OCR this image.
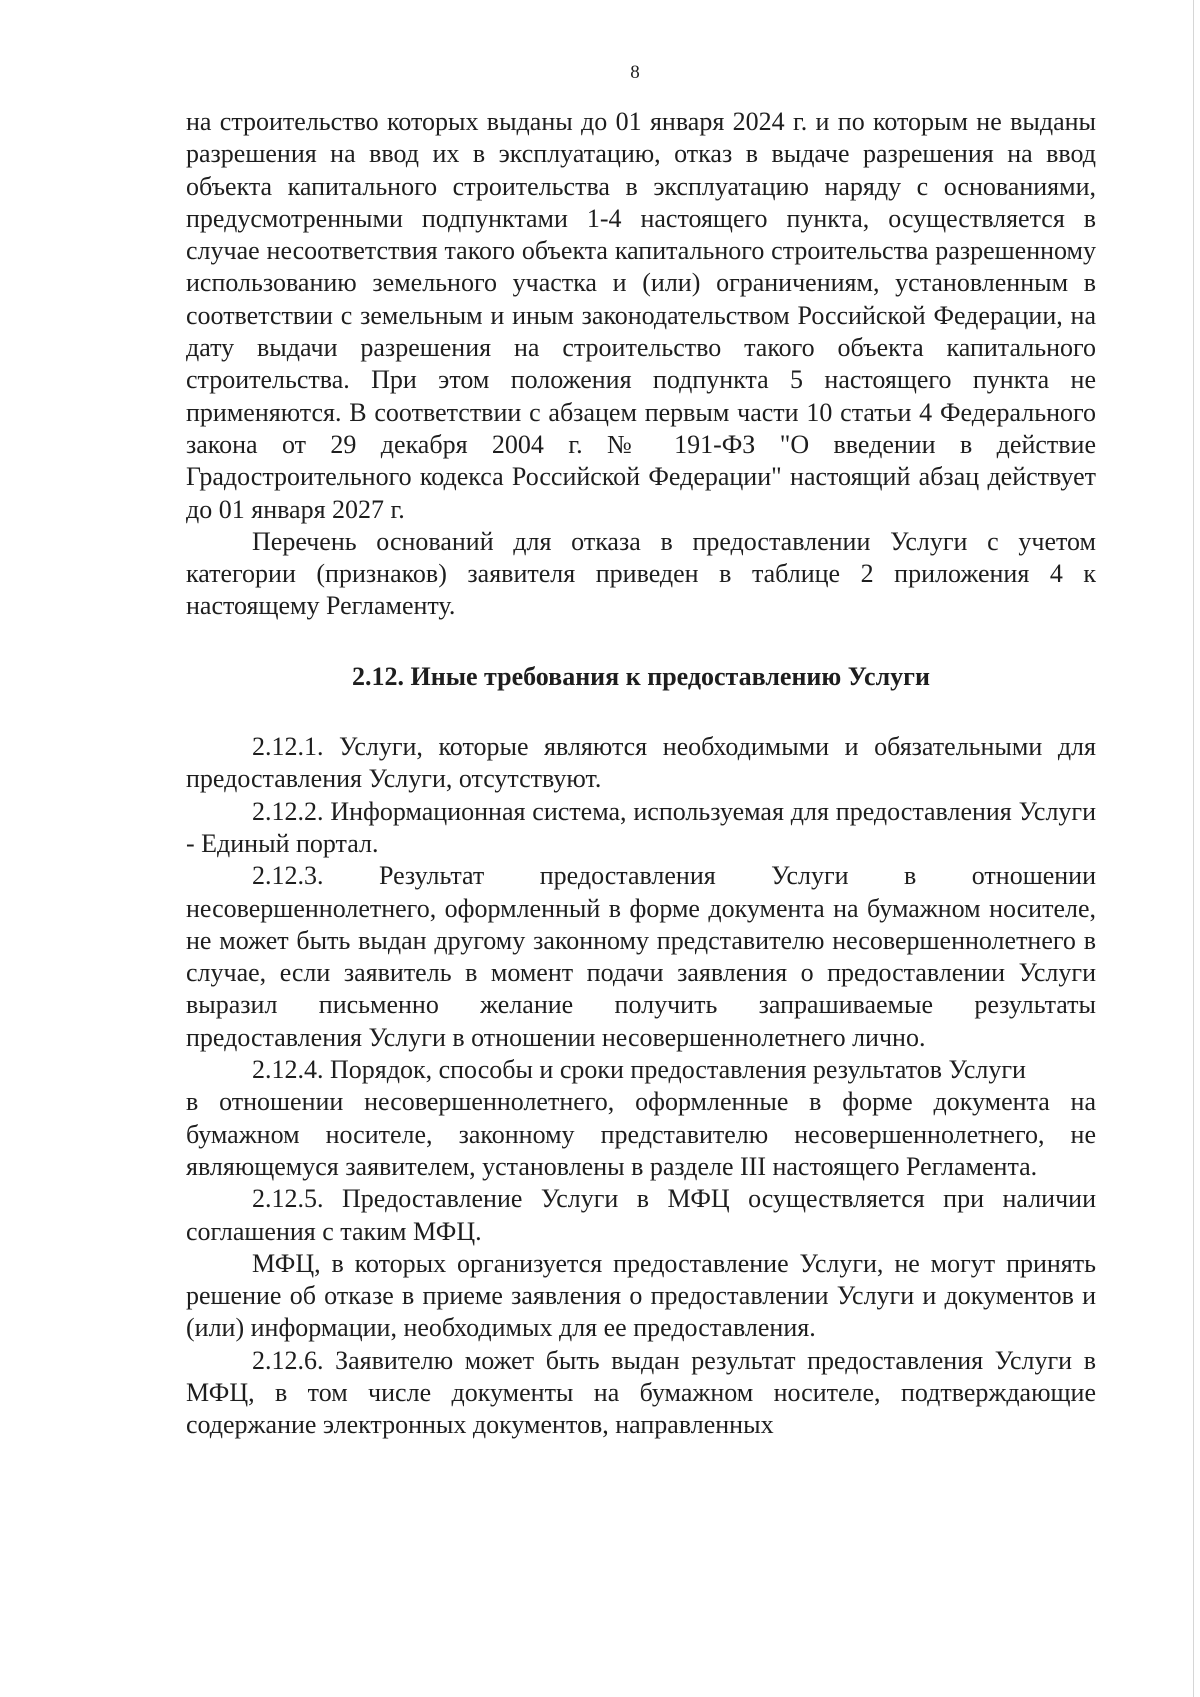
8

на строительство которых выданы до 01 января 2024 г. и по которым не выданы разрешения на ввод их в эксплуатацию, отказ в выдаче разрешения на ввод объекта капитального строительства в эксплуатацию наряду с основаниями, предусмотренными подпунктами 1-4 настоящего пункта, осуществляется в случае несоответствия такого объекта капитального строительства разрешенному использованию земельного участка и (или) ограничениям, установленным в соответствии с земельным и иным законодательством Российской Федерации, на дату выдачи разрешения на строительство такого объекта капитального строительства. При этом положения подпункта 5 настоящего пункта не применяются. В соответствии с абзацем первым части 10 статьи 4 Федерального закона от 29 декабря 2004 г. № 191-ФЗ "О введении в действие Градостроительного кодекса Российской Федерации" настоящий абзац действует до 01 января 2027 г.

Перечень оснований для отказа в предоставлении Услуги с учетом категории (признаков) заявителя приведен в таблице 2 приложения 4 к настоящему Регламенту.

2.12. Иные требования к предоставлению Услуги

2.12.1. Услуги, которые являются необходимыми и обязательными для предоставления Услуги, отсутствуют.

2.12.2. Информационная система, используемая для предоставления Услуги - Единый портал.

2.12.3. Результат предоставления Услуги в отношении несовершеннолетнего, оформленный в форме документа на бумажном носителе, не может быть выдан другому законному представителю несовершеннолетнего в случае, если заявитель в момент подачи заявления о предоставлении Услуги выразил письменно желание получить запрашиваемые результаты предоставления Услуги в отношении несовершеннолетнего лично.

2.12.4. Порядок, способы и сроки предоставления результатов Услуги

в отношении несовершеннолетнего, оформленные в форме документа на бумажном носителе, законному представителю несовершеннолетнего, не являющемуся заявителем, установлены в разделе III настоящего Регламента.

2.12.5. Предоставление Услуги в МФЦ осуществляется при наличии соглашения с таким МФЦ.

МФЦ, в которых организуется предоставление Услуги, не могут принять решение об отказе в приеме заявления о предоставлении Услуги и документов и (или) информации, необходимых для ее предоставления.

2.12.6. Заявителю может быть выдан результат предоставления Услуги в МФЦ, в том числе документы на бумажном носителе, подтверждающие содержание электронных документов, направленных
